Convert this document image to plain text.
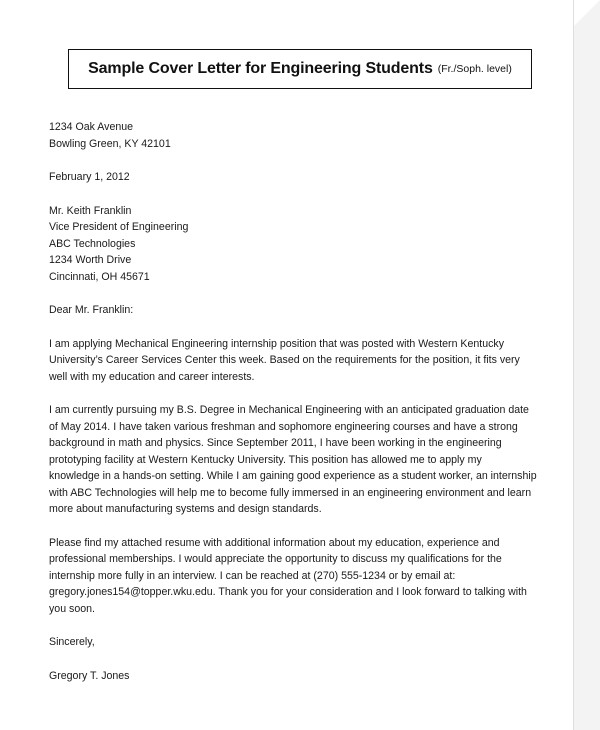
Sample Cover Letter for Engineering Students (Fr./Soph. level)
1234 Oak Avenue
Bowling Green, KY 42101
February 1, 2012
Mr. Keith Franklin
Vice President of Engineering
ABC Technologies
1234 Worth Drive
Cincinnati, OH 45671
Dear Mr. Franklin:
I am applying Mechanical Engineering internship position that was posted with Western Kentucky
University’s Career Services Center this week. Based on the requirements for the position, it fits very
well with my education and career interests.
I am currently pursuing my B.S. Degree in Mechanical Engineering with an anticipated graduation date
of May 2014. I have taken various freshman and sophomore engineering courses and have a strong
background in math and physics. Since September 2011, I have been working in the engineering
prototyping facility at Western Kentucky University. This position has allowed me to apply my
knowledge in a hands-on setting. While I am gaining good experience as a student worker, an internship
with ABC Technologies will help me to become fully immersed in an engineering environment and learn
more about manufacturing systems and design standards.
Please find my attached resume with additional information about my education, experience and
professional memberships. I would appreciate the opportunity to discuss my qualifications for the
internship more fully in an interview. I can be reached at (270) 555-1234 or by email at:
gregory.jones154@topper.wku.edu. Thank you for your consideration and I look forward to talking with
you soon.
Sincerely,
Gregory T. Jones
